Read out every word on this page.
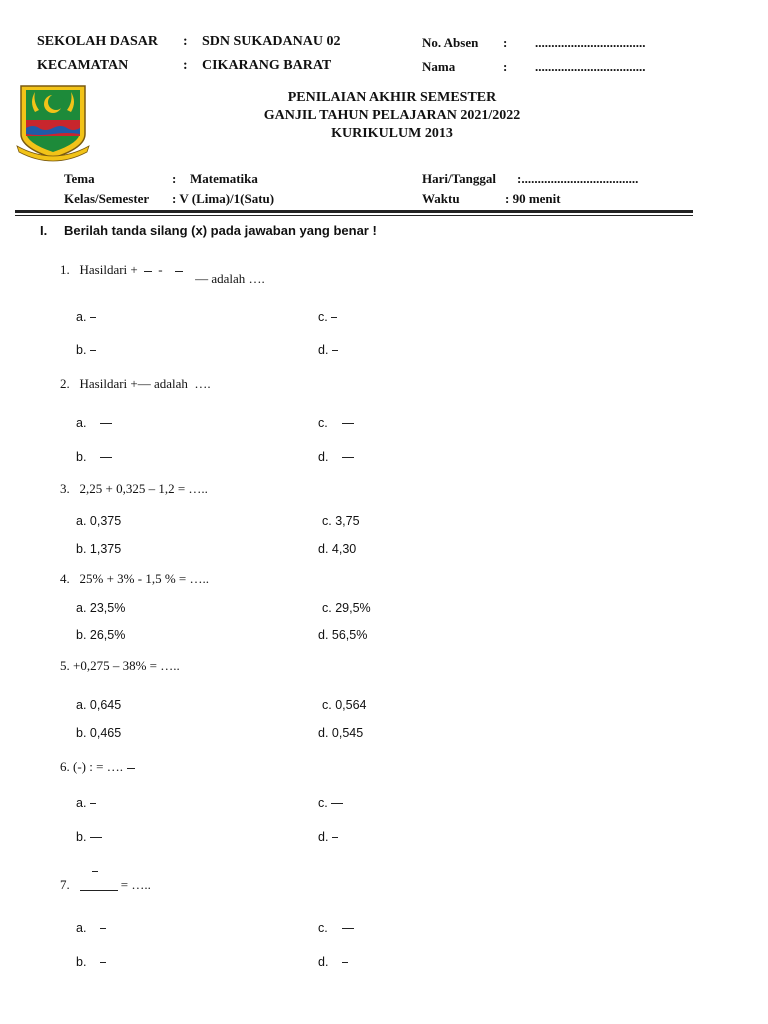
SEKOLAH DASAR : SDN SUKADANAU 02
KECAMATAN	: CIKARANG BARAT
No. Absen : ..................................
Nama	: ..................................
PENILAIAN AKHIR SEMESTER
GANJIL TAHUN PELAJARAN 2021/2022
KURIKULUM 2013
Tema	: Matematika
Kelas/Semester : V (Lima)/1(Satu)
Hari/Tanggal :....................................
Waktu	: 90 menit
I. Berilah tanda silang (x) pada jawaban yang benar !
1. Hasildari + -  — adalah ….
a.
b.
c.
d.
2. Hasildari +— adalah ….
a.
b.
c.
d.
3. 2,25 + 0,325 – 1,2 = …..
a. 0,375
b. 1,375
c. 3,75
d. 4,30
4. 25% + 3% - 1,5 % = …..
a. 23,5%
b. 26,5%
c. 29,5%
d. 56,5%
5. +0,275 – 38% = …..
a. 0,645
b. 0,465
c. 0,564
d. 0,545
6. (-) : = ….
a.
b.
c.
d.
7.	= …..
a.
b.
c.
d.
